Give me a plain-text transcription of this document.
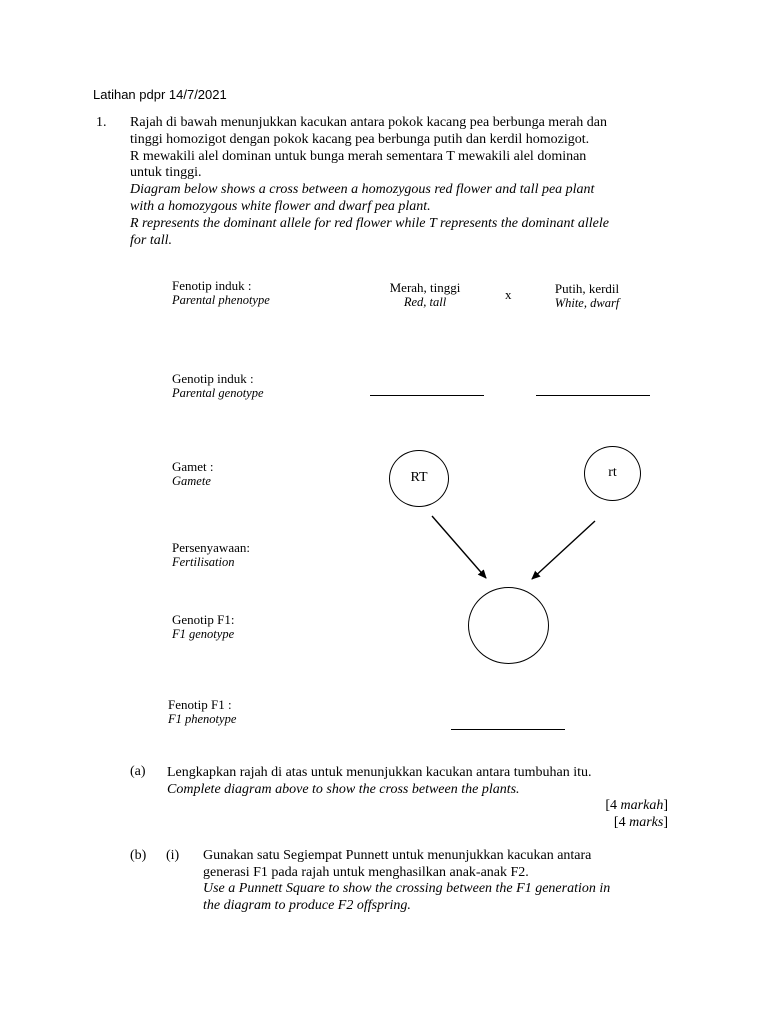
Latihan pdpr 14/7/2021
1. Rajah di bawah menunjukkan kacukan antara pokok kacang pea berbunga merah dan
tinggi homozigot dengan pokok kacang pea berbunga putih dan kerdil homozigot.
R mewakili alel dominan untuk bunga merah sementara T mewakili alel dominan
untuk tinggi.
Diagram below shows a cross between a homozygous red flower and tall pea plant
with a homozygous white flower and dwarf pea plant.
R represents the dominant allele for red flower while T represents the dominant allele
for tall.
Fenotip induk :
Parental phenotype
Genotip induk :
Parental genotype
Gamet :
Gamete
Persenyawaan:
Fertilisation
Genotip F1:
F1 genotype
Fenotip F1 :
F1 phenotype
Merah, tinggi
Red, tall	x	Putih, kerdil
White, dwarf
RT	rt
(a) Lengkapkan rajah di atas untuk menunjukkan kacukan antara tumbuhan itu.
Complete diagram above to show the cross between the plants.
[4 markah]
[4 marks]
(b) (i) Gunakan satu Segiempat Punnett untuk menunjukkan kacukan antara
generasi F1 pada rajah untuk menghasilkan anak-anak F2.
Use a Punnett Square to show the crossing between the F1 generation in
the diagram to produce F2 offspring.
